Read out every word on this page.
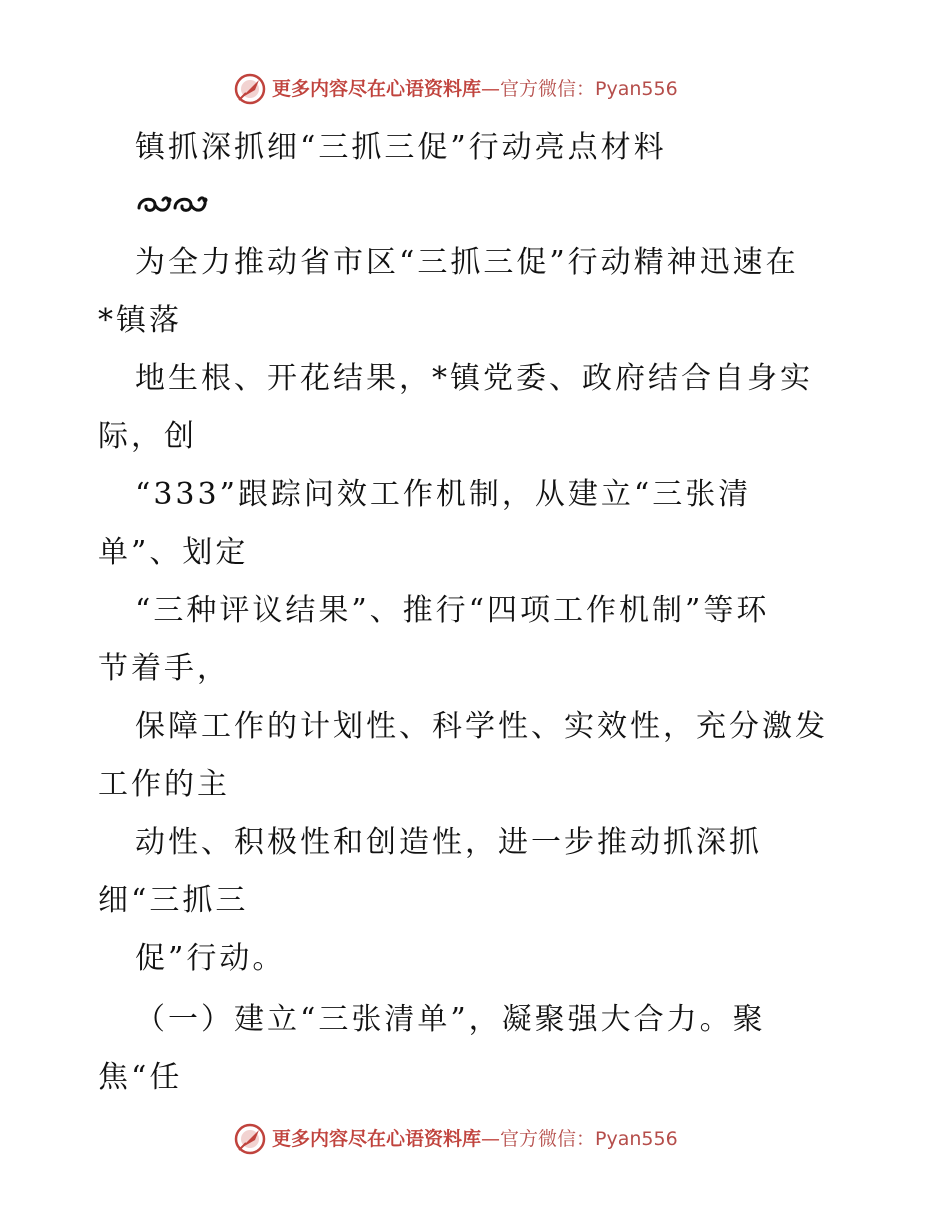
更多内容尽在心语资料库—官方微信：Pyan556
镇抓深抓细“三抓三促”行动亮点材料
为全力推动省市区“三抓三促”行动精神迅速在
*镇落
地生根、开花结果，*镇党委、政府结合自身实
际，创
“333”跟踪问效工作机制，从建立“三张清
单”、划定
“三种评议结果”、推行“四项工作机制”等环
节着手，
保障工作的计划性、科学性、实效性，充分激发
工作的主
动性、积极性和创造性，进一步推动抓深抓
细“三抓三
促”行动。
（一）建立“三张清单”，凝聚强大合力。聚
焦“任
更多内容尽在心语资料库—官方微信：Pyan556
